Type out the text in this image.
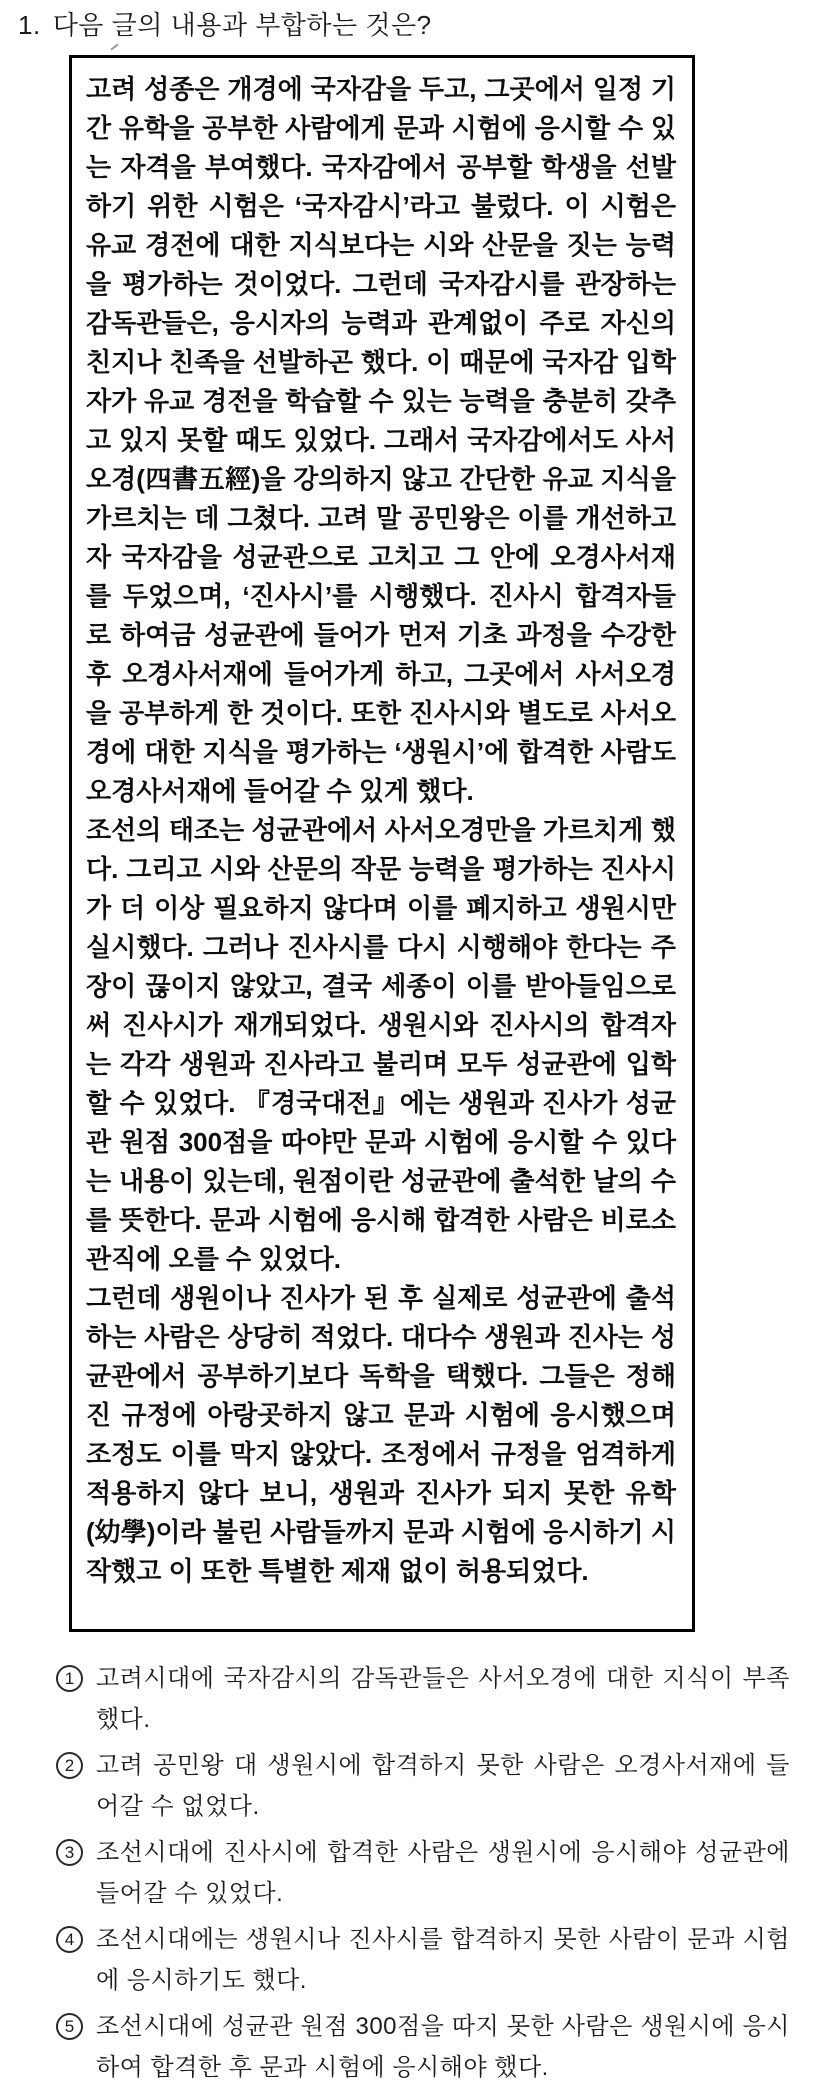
1. 다음 글의 내용과 부합하는 것은?

고려 성종은 개경에 국자감을 두고, 그곳에서 일정 기간 유학을 공부한 사람에게 문과 시험에 응시할 수 있는 자격을 부여했다. 국자감에서 공부할 학생을 선발하기 위한 시험은 ‘국자감시’라고 불렀다. 이 시험은 유교 경전에 대한 지식보다는 시와 산문을 짓는 능력을 평가하는 것이었다. 그런데 국자감시를 관장하는 감독관들은, 응시자의 능력과 관계없이 주로 자신의 친지나 친족을 선발하곤 했다. 이 때문에 국자감 입학자가 유교 경전을 학습할 수 있는 능력을 충분히 갖추고 있지 못할 때도 있었다. 그래서 국자감에서도 사서오경(四書五經)을 강의하지 않고 간단한 유교 지식을 가르치는 데 그쳤다. 고려 말 공민왕은 이를 개선하고자 국자감을 성균관으로 고치고 그 안에 오경사서재를 두었으며, ‘진사시’를 시행했다. 진사시 합격자들로 하여금 성균관에 들어가 먼저 기초 과정을 수강한 후 오경사서재에 들어가게 하고, 그곳에서 사서오경을 공부하게 한 것이다. 또한 진사시와 별도로 사서오경에 대한 지식을 평가하는 ‘생원시’에 합격한 사람도 오경사서재에 들어갈 수 있게 했다.

조선의 태조는 성균관에서 사서오경만을 가르치게 했다. 그리고 시와 산문의 작문 능력을 평가하는 진사시가 더 이상 필요하지 않다며 이를 폐지하고 생원시만 실시했다. 그러나 진사시를 다시 시행해야 한다는 주장이 끊이지 않았고, 결국 세종이 이를 받아들임으로써 진사시가 재개되었다. 생원시와 진사시의 합격자는 각각 생원과 진사라고 불리며 모두 성균관에 입학할 수 있었다. 『경국대전』에는 생원과 진사가 성균관 원점 300점을 따야만 문과 시험에 응시할 수 있다는 내용이 있는데, 원점이란 성균관에 출석한 날의 수를 뜻한다. 문과 시험에 응시해 합격한 사람은 비로소 관직에 오를 수 있었다.

그런데 생원이나 진사가 된 후 실제로 성균관에 출석하는 사람은 상당히 적었다. 대다수 생원과 진사는 성균관에서 공부하기보다 독학을 택했다. 그들은 정해진 규정에 아랑곳하지 않고 문과 시험에 응시했으며 조정도 이를 막지 않았다. 조정에서 규정을 엄격하게 적용하지 않다 보니, 생원과 진사가 되지 못한 유학(幼學)이라 불린 사람들까지 문과 시험에 응시하기 시작했고 이 또한 특별한 제재 없이 허용되었다.

1 고려시대에 국자감시의 감독관들은 사서오경에 대한 지식이 부족했다.
2 고려 공민왕 대 생원시에 합격하지 못한 사람은 오경사서재에 들어갈 수 없었다.
3 조선시대에 진사시에 합격한 사람은 생원시에 응시해야 성균관에 들어갈 수 있었다.
4 조선시대에는 생원시나 진사시를 합격하지 못한 사람이 문과 시험에 응시하기도 했다.
5 조선시대에 성균관 원점 300점을 따지 못한 사람은 생원시에 응시하여 합격한 후 문과 시험에 응시해야 했다.
